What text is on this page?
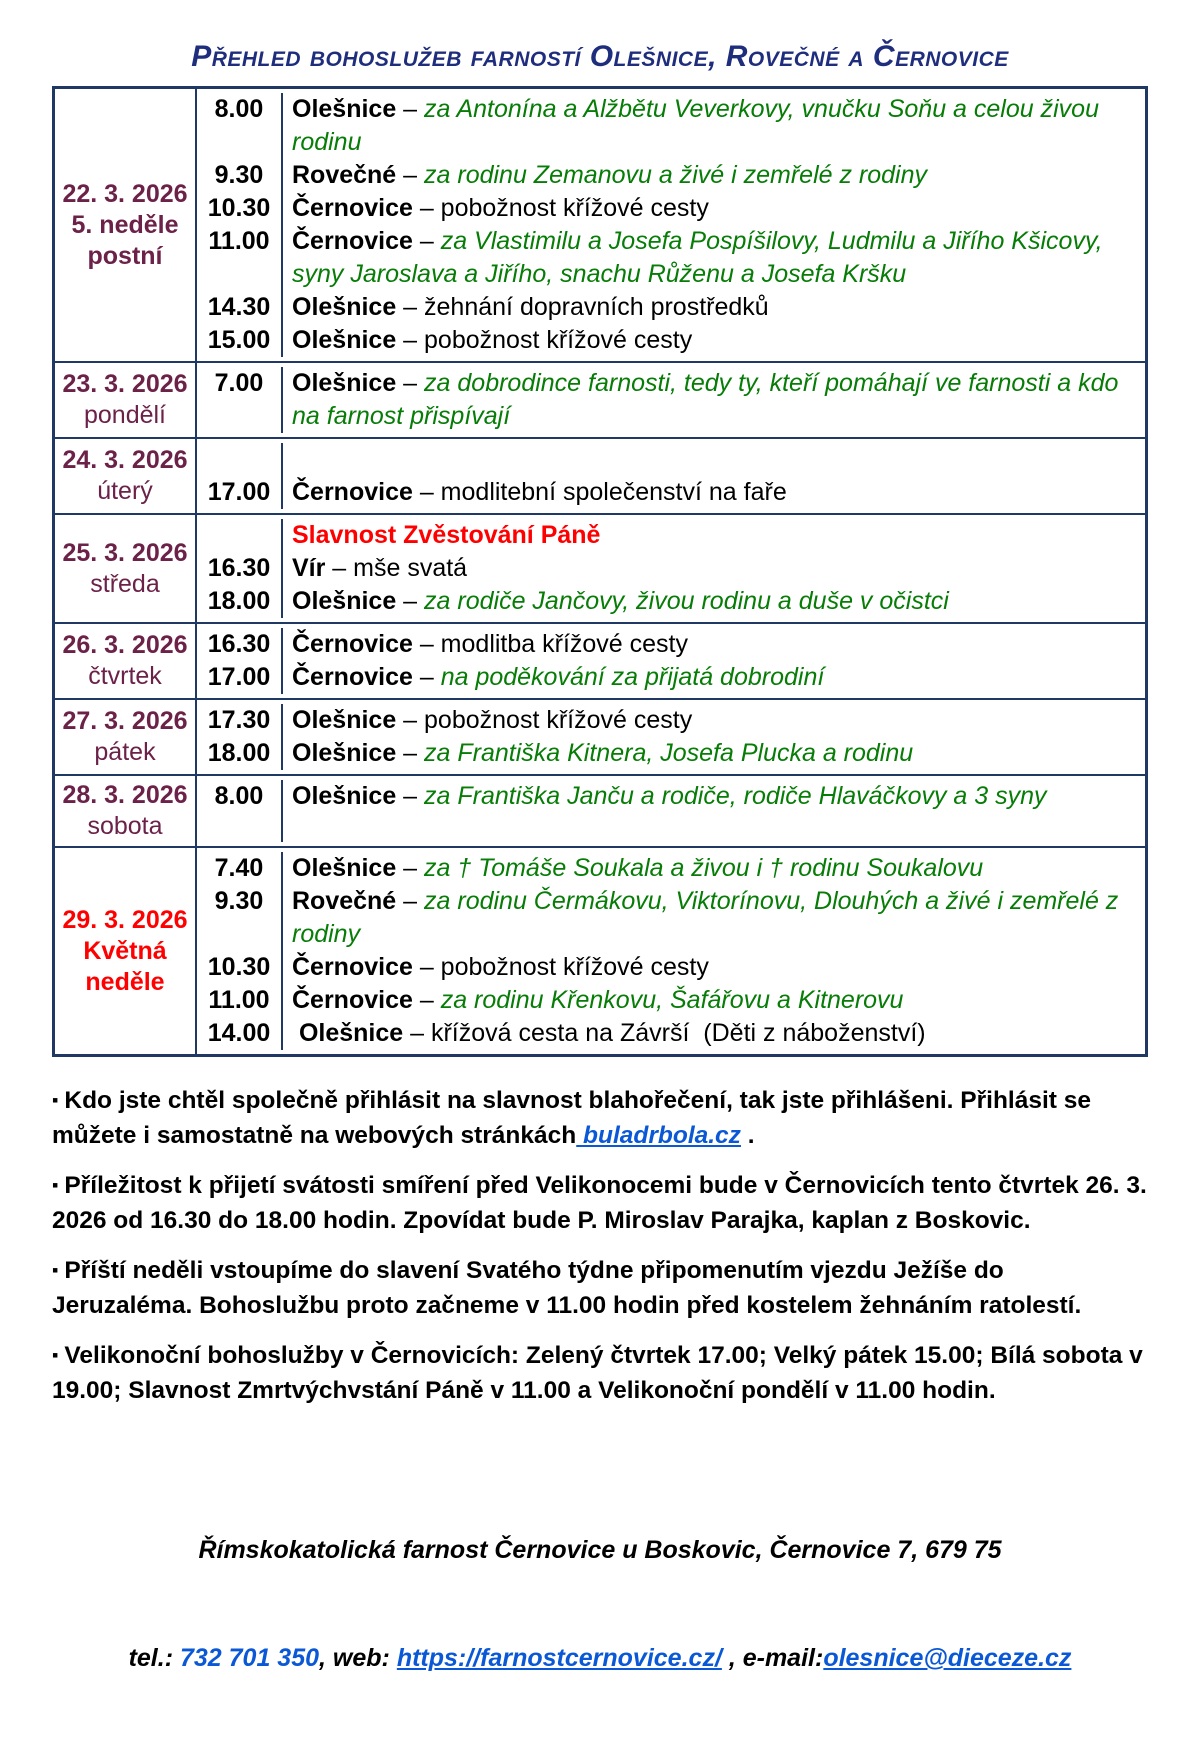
Přehled bohoslužeb farností Olešnice, Rovečné a Černovice
22. 3. 2026
5. neděle
postní
8.00	Olešnice – za Antonína a Alžbětu Veverkovy, vnučku Soňu a celou živou rodinu
9.30	Rovečné – za rodinu Zemanovu a živé i zemřelé z rodiny
10.30 Černovice – pobožnost křížové cesty
11.00 Černovice – za Vlastimilu a Josefa Pospíšilovy, Ludmilu a Jiřího Kšicovy, syny Jaroslava a Jiřího, snachu Růženu a Josefa Kršku
14.30 Olešnice – žehnání dopravních prostředků
15.00 Olešnice – pobožnost křížové cesty
23. 3. 2026
pondělí
7.00	Olešnice – za dobrodince farnosti, tedy ty, kteří pomáhají ve farnosti a kdo na farnost přispívají
24. 3. 2026
úterý	17.00 Černovice – modlitební společenství na faře
25. 3. 2026
středa
Slavnost Zvěstování Páně
16.30 Vír – mše svatá
18.00 Olešnice – za rodiče Jančovy, živou rodinu a duše v očistci
26. 3. 2026
čtvrtek
16.30 Černovice – modlitba křížové cesty
17.00 Černovice – na poděkování za přijatá dobrodiní
27. 3. 2026
pátek
17.30 Olešnice – pobožnost křížové cesty
18.00 Olešnice – za Františka Kitnera, Josefa Plucka a rodinu
28. 3. 2026
sobota
8.00	Olešnice – za Františka Janču a rodiče, rodiče Hlaváčkovy a 3 syny
29. 3. 2026
Květná
neděle
7.40	Olešnice – za † Tomáše Soukala a živou i † rodinu Soukalovu
9.30	Rovečné – za rodinu Čermákovu, Viktorínovu, Dlouhých a živé i zemřelé z rodiny
10.30 Černovice – pobožnost křížové cesty
11.00 Černovice – za rodinu Křenkovu, Šafářovu a Kitnerovu
14.00	Olešnice – křížová cesta na Závrší  (Děti z náboženství)

▪ Kdo jste chtěl společně přihlásit na slavnost blahořečení, tak jste přihlášeni. Přihlásit se můžete i samostatně na webových stránkách buladrbola.cz .

▪ Příležitost k přijetí svátosti smíření před Velikonocemi bude v Černovicích tento čtvrtek 26. 3. 2026 od 16.30 do 18.00 hodin. Zpovídat bude P. Miroslav Parajka, kaplan z Boskovic.

▪ Příští neděli vstoupíme do slavení Svatého týdne připomenutím vjezdu Ježíše do Jeruzaléma. Bohoslužbu proto začneme v 11.00 hodin před kostelem žehnáním ratolestí.

▪ Velikonoční bohoslužby v Černovicích: Zelený čtvrtek 17.00; Velký pátek 15.00; Bílá sobota v 19.00; Slavnost Zmrtvýchvstání Páně v 11.00 a Velikonoční pondělí v 11.00 hodin.

Římskokatolická farnost Černovice u Boskovic, Černovice 7, 679 75

tel.: 732 701 350, web: https://farnostcernovice.cz/ , e-mail:olesnice@dieceze.cz
